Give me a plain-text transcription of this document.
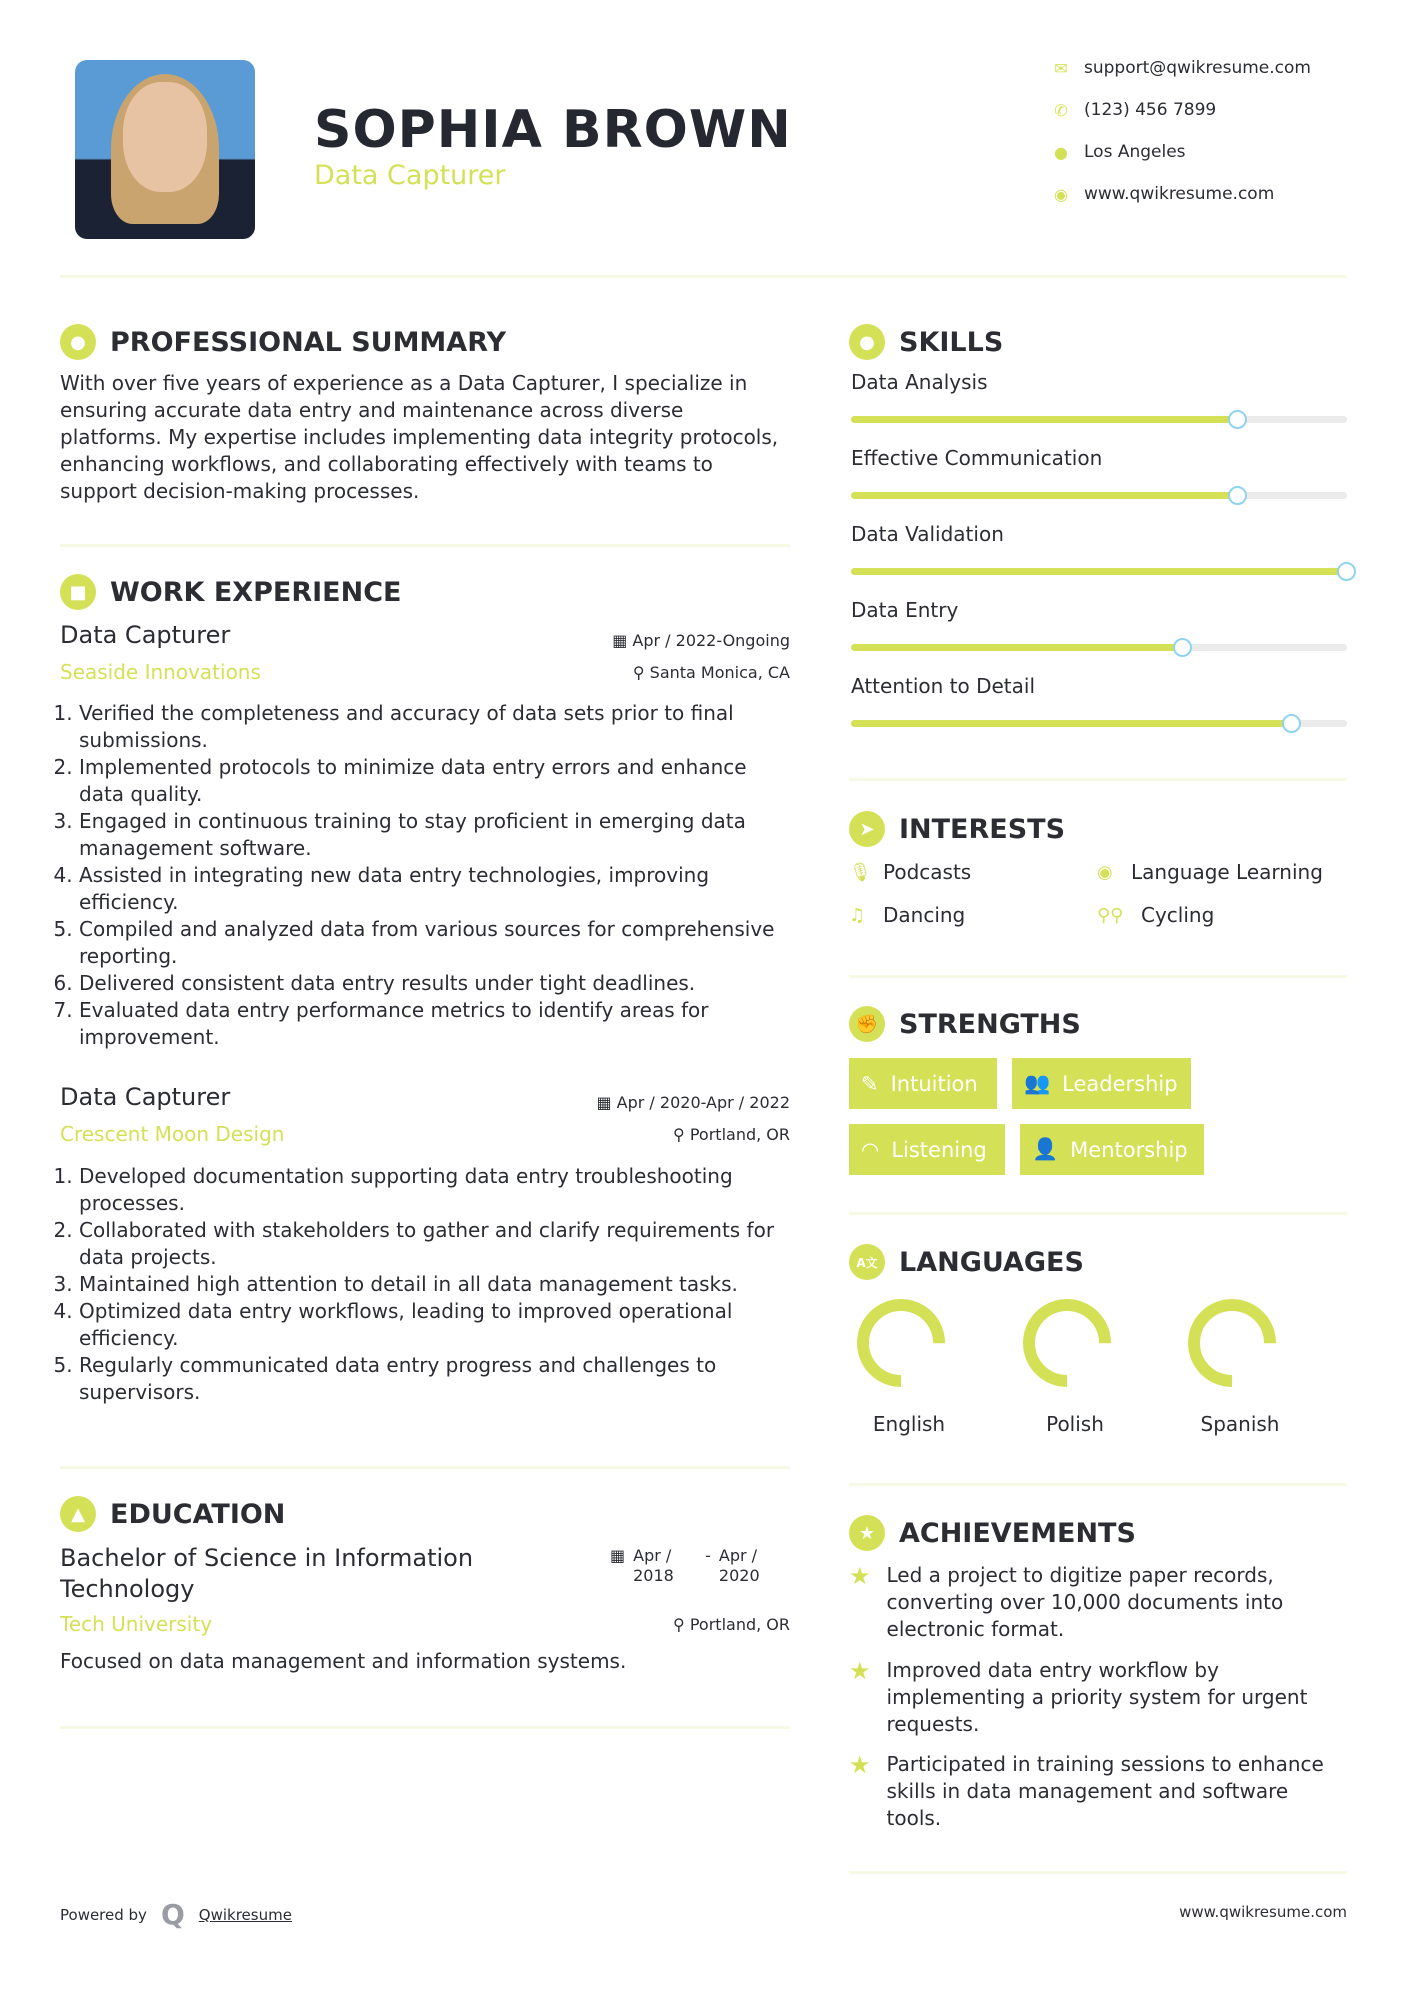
SOPHIA BROWN
Data Capturer
✉ support@qwikresume.com
✆ (123) 456 7899
● Los Angeles
◉ www.qwikresume.com
● PROFESSIONAL SUMMARY
With over five years of experience as a Data Capturer, I specialize in ensuring accurate data entry and maintenance across diverse platforms. My expertise includes implementing data integrity protocols, enhancing workflows, and collaborating effectively with teams to support decision-making processes.
■ WORK EXPERIENCE
Data Capturer
Seaside Innovations
▦ Apr / 2022-Ongoing
⚲ Santa Monica, CA
1. Verified the completeness and accuracy of data sets prior to final submissions.
2. Implemented protocols to minimize data entry errors and enhance data quality.
3. Engaged in continuous training to stay proficient in emerging data management software.
4. Assisted in integrating new data entry technologies, improving efficiency.
5. Compiled and analyzed data from various sources for comprehensive reporting.
6. Delivered consistent data entry results under tight deadlines.
7. Evaluated data entry performance metrics to identify areas for improvement.
Data Capturer
Crescent Moon Design
▦ Apr / 2020-Apr / 2022
⚲ Portland, OR
1. Developed documentation supporting data entry troubleshooting processes.
2. Collaborated with stakeholders to gather and clarify requirements for data projects.
3. Maintained high attention to detail in all data management tasks.
4. Optimized data entry workflows, leading to improved operational efficiency.
5. Regularly communicated data entry progress and challenges to supervisors.
▲ EDUCATION
Bachelor of Science in Information Technology
Tech University
▦ Apr / 2018
- Apr / 2020
⚲ Portland, OR
Focused on data management and information systems.
● SKILLS
Data Analysis
Effective Communication
Data Validation
Data Entry
Attention to Detail
➤ INTERESTS
🎙 Podcasts	◉ Language Learning
♫ Dancing	⚲⚲ Cycling
✊ STRENGTHS
✎ Intuition 👥 Leadership
◠ Listening 👤 Mentorship
A文 LANGUAGES
English	Polish	Spanish
★ ACHIEVEMENTS
★ Led a project to digitize paper records, converting over 10,000 documents into electronic format.
★ Improved data entry workflow by implementing a priority system for urgent requests.
★ Participated in training sessions to enhance skills in data management and software tools.
Powered by Q Qwikresume	www.qwikresume.com
